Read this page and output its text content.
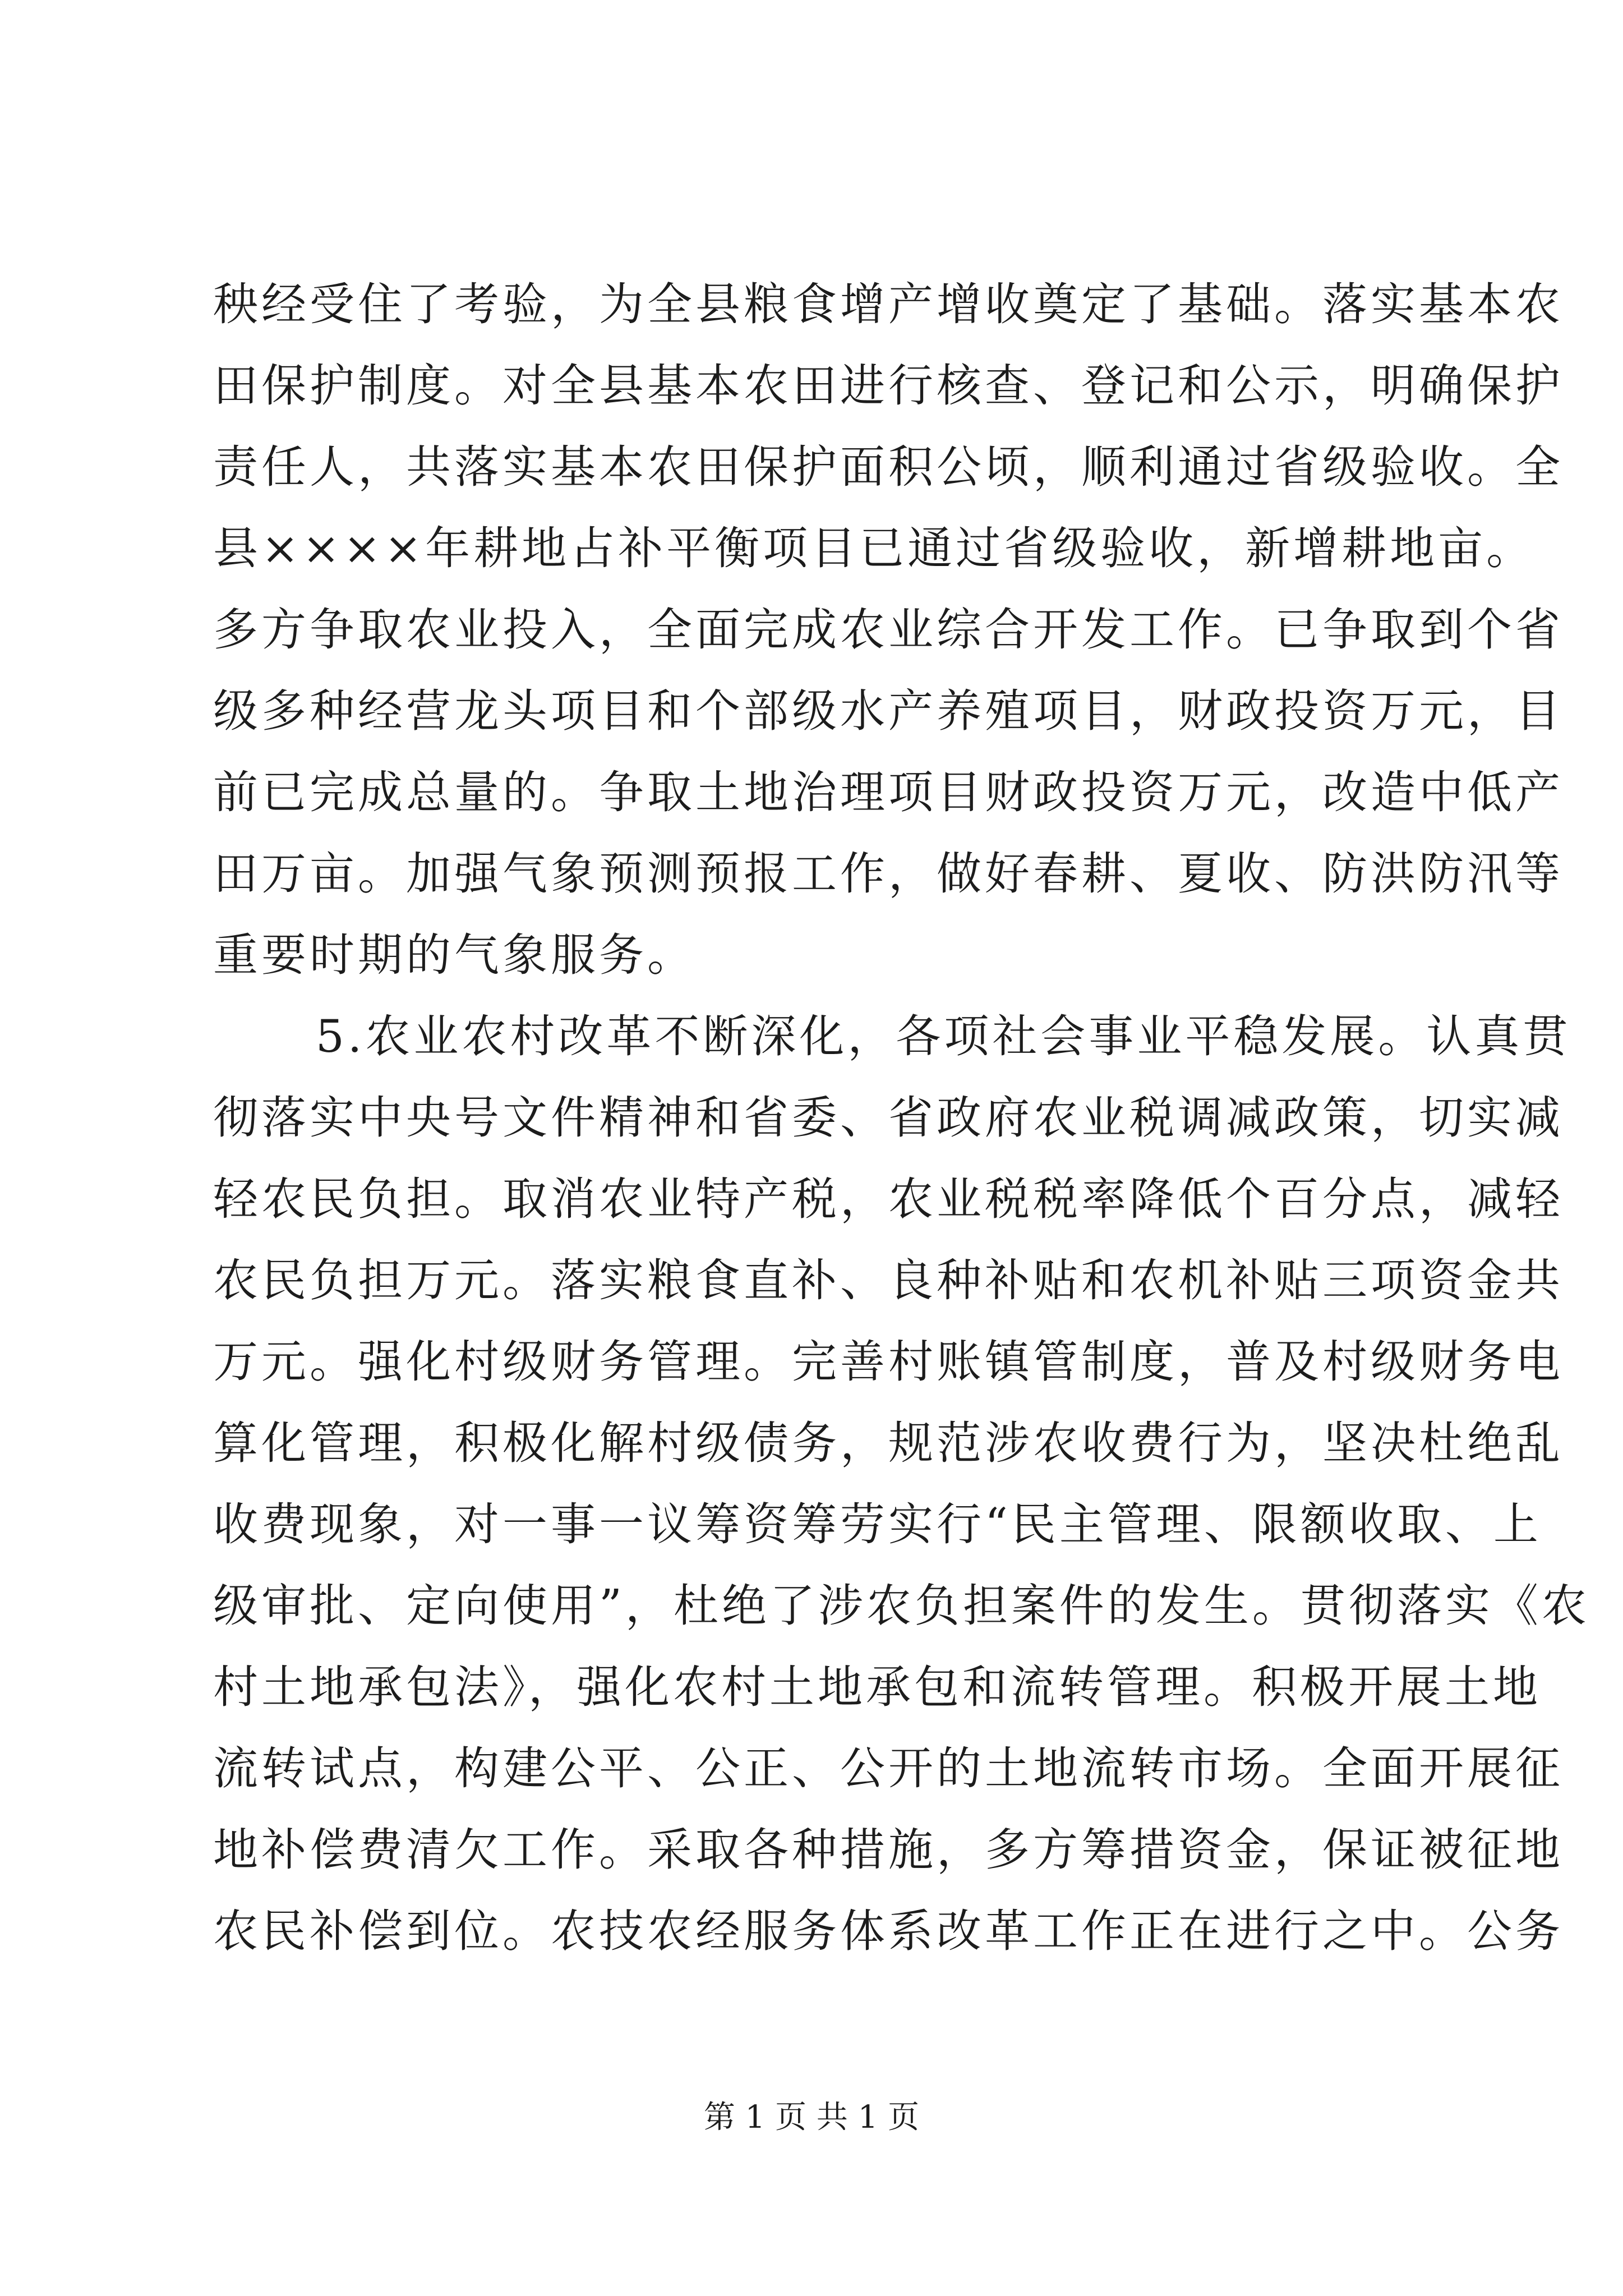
秧经受住了考验，为全县粮食增产增收奠定了基础。落实基本农
田保护制度。对全县基本农田进行核查、登记和公示，明确保护
责任人，共落实基本农田保护面积公顷，顺利通过省级验收。全
县××××年耕地占补平衡项目已通过省级验收，新增耕地亩。
多方争取农业投入，全面完成农业综合开发工作。已争取到个省
级多种经营龙头项目和个部级水产养殖项目，财政投资万元，目
前已完成总量的。争取土地治理项目财政投资万元，改造中低产
田万亩。加强气象预测预报工作，做好春耕、夏收、防洪防汛等
重要时期的气象服务。
5.农业农村改革不断深化，各项社会事业平稳发展。认真贯
彻落实中央号文件精神和省委、省政府农业税调减政策，切实减
轻农民负担。取消农业特产税，农业税税率降低个百分点，减轻
农民负担万元。落实粮食直补、良种补贴和农机补贴三项资金共
万元。强化村级财务管理。完善村账镇管制度，普及村级财务电
算化管理，积极化解村级债务，规范涉农收费行为，坚决杜绝乱
收费现象，对一事一议筹资筹劳实行“民主管理、限额收取、上
级审批、定向使用”，杜绝了涉农负担案件的发生。贯彻落实《农
村土地承包法》，强化农村土地承包和流转管理。积极开展土地
流转试点，构建公平、公正、公开的土地流转市场。全面开展征
地补偿费清欠工作。采取各种措施，多方筹措资金，保证被征地
农民补偿到位。农技农经服务体系改革工作正在进行之中。公务
第 1 页 共 1 页
